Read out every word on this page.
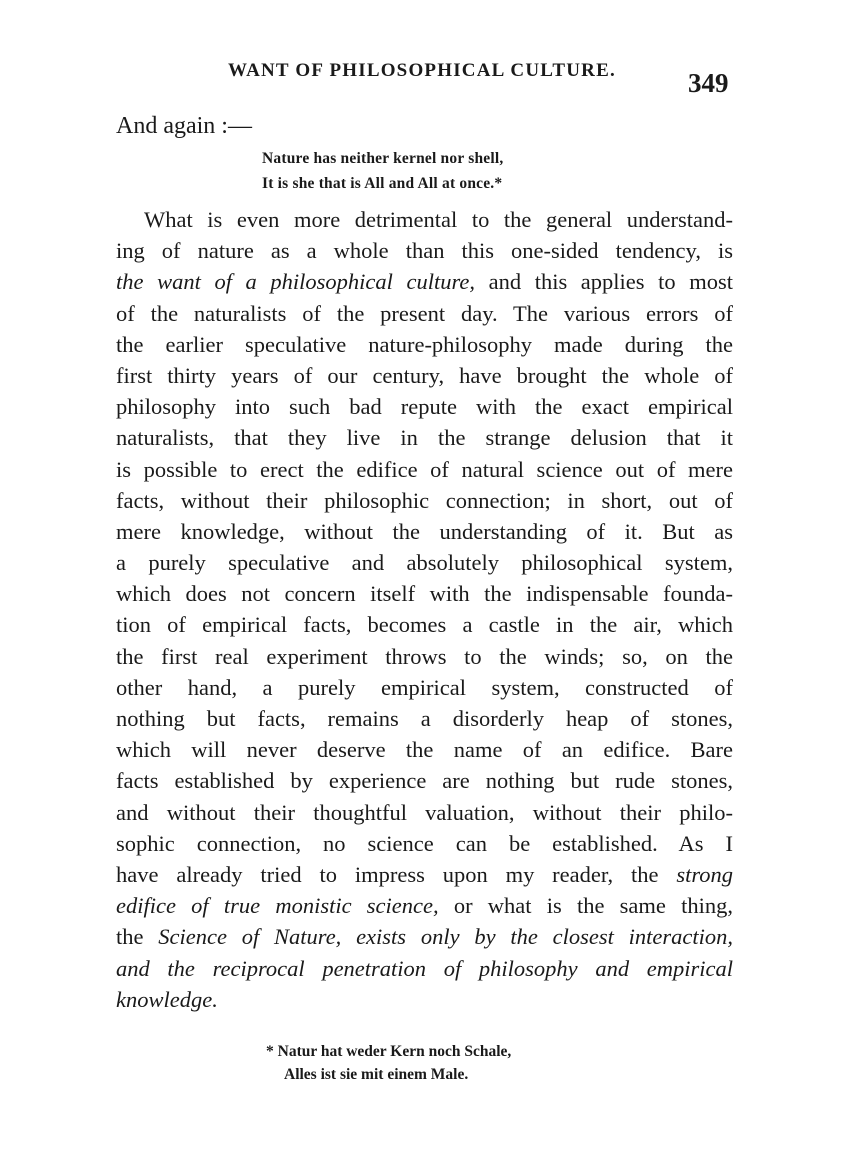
WANT OF PHILOSOPHICAL CULTURE.	349
And again :—
Nature has neither kernel nor shell,
It is she that is All and All at once.*
What is even more detrimental to the general understand-
ing of nature as a whole than this one-sided tendency, is
the want of a philosophical culture, and this applies to most
of the naturalists of the present day. The various errors of
the earlier speculative nature-philosophy made during the
first thirty years of our century, have brought the whole of
philosophy into such bad repute with the exact empirical
naturalists, that they live in the strange delusion that it
is possible to erect the edifice of natural science out of mere
facts, without their philosophic connection; in short, out of
mere knowledge, without the understanding of it. But as
a purely speculative and absolutely philosophical system,
which does not concern itself with the indispensable founda-
tion of empirical facts, becomes a castle in the air, which
the first real experiment throws to the winds; so, on the
other hand, a purely empirical system, constructed of
nothing but facts, remains a disorderly heap of stones,
which will never deserve the name of an edifice. Bare
facts established by experience are nothing but rude stones,
and without their thoughtful valuation, without their philo-
sophic connection, no science can be established. As I
have already tried to impress upon my reader, the strong
edifice of true monistic science, or what is the same thing,
the Science of Nature, exists only by the closest interaction,
and the reciprocal penetration of philosophy and empirical
knowledge.
* Natur hat weder Kern noch Schale,
Alles ist sie mit einem Male.
